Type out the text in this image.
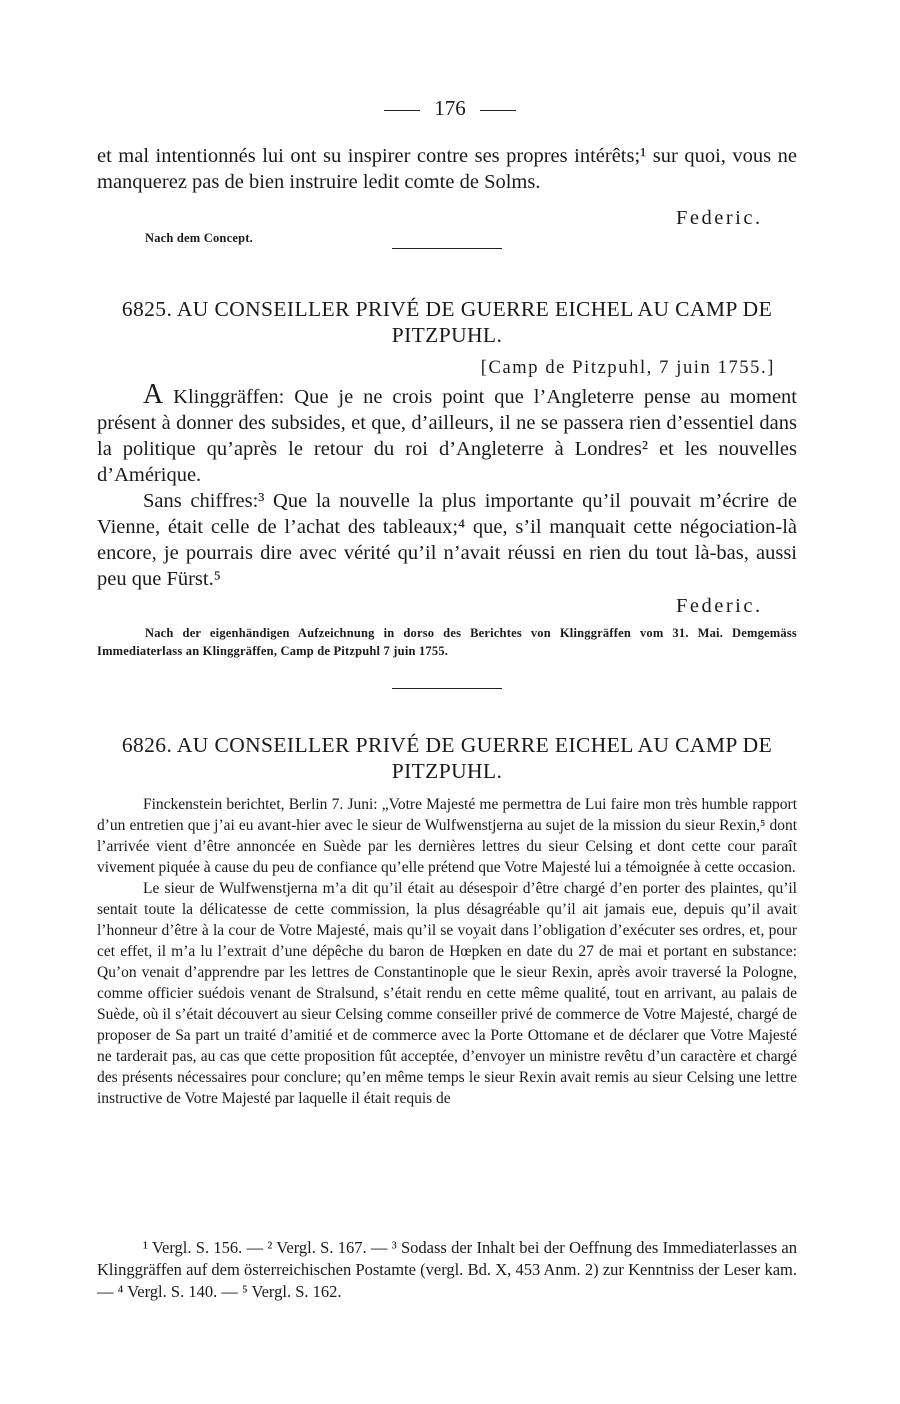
176

et mal intentionnés lui ont su inspirer contre ses propres intérêts;¹ sur quoi, vous ne manquerez pas de bien instruire ledit comte de Solms.

Federic.
Nach dem Concept.
6825. AU CONSEILLER PRIVÉ DE GUERRE EICHEL AU CAMP DE PITZPUHL.
[Camp de Pitzpuhl, 7 juin 1755.]

A Klinggräffen: Que je ne crois point que l’Angleterre pense au moment présent à donner des subsides, et que, d’ailleurs, il ne se passera rien d’essentiel dans la politique qu’après le retour du roi d’Angleterre à Londres² et les nouvelles d’Amérique.

Sans chiffres:³ Que la nouvelle la plus importante qu’il pouvait m’écrire de Vienne, était celle de l’achat des tableaux;⁴ que, s’il manquait cette négociation-là encore, je pourrais dire avec vérité qu’il n’avait réussi en rien du tout là-bas, aussi peu que Fürst.⁵

Federic.
Nach der eigenhändigen Aufzeichnung in dorso des Berichtes von Klinggräffen vom 31. Mai. Demgemäss Immediaterlass an Klinggräffen, Camp de Pitzpuhl 7 juin 1755.
6826. AU CONSEILLER PRIVÉ DE GUERRE EICHEL AU CAMP DE PITZPUHL.

Finckenstein berichtet, Berlin 7. Juni: „Votre Majesté me permettra de Lui faire mon très humble rapport d’un entretien que j’ai eu avant-hier avec le sieur de Wulfwenstjerna au sujet de la mission du sieur Rexin,⁵ dont l’arrivée vient d’être annoncée en Suède par les dernières lettres du sieur Celsing et dont cette cour paraît vivement piquée à cause du peu de confiance qu’elle prétend que Votre Majesté lui a témoignée à cette occasion.

Le sieur de Wulfwenstjerna m’a dit qu’il était au désespoir d’être chargé d’en porter des plaintes, qu’il sentait toute la délicatesse de cette commission, la plus désagréable qu’il ait jamais eue, depuis qu’il avait l’honneur d’être à la cour de Votre Majesté, mais qu’il se voyait dans l’obligation d’exécuter ses ordres, et, pour cet effet, il m’a lu l’extrait d’une dépêche du baron de Hœpken en date du 27 de mai et portant en substance: Qu’on venait d’apprendre par les lettres de Constantinople que le sieur Rexin, après avoir traversé la Pologne, comme officier suédois venant de Stralsund, s’était rendu en cette même qualité, tout en arrivant, au palais de Suède, où il s’était découvert au sieur Celsing comme conseiller privé de commerce de Votre Majesté, chargé de proposer de Sa part un traité d’amitié et de commerce avec la Porte Ottomane et de déclarer que Votre Majesté ne tarderait pas, au cas que cette proposition fût acceptée, d’envoyer un ministre revêtu d’un caractère et chargé des présents nécessaires pour conclure; qu’en même temps le sieur Rexin avait remis au sieur Celsing une lettre instructive de Votre Majesté par laquelle il était requis de

¹ Vergl. S. 156. — ² Vergl. S. 167. — ³ Sodass der Inhalt bei der Oeffnung des Immediaterlasses an Klinggräffen auf dem österreichischen Postamte (vergl. Bd. X, 453 Anm. 2) zur Kenntniss der Leser kam. — ⁴ Vergl. S. 140. — ⁵ Vergl. S. 162.
